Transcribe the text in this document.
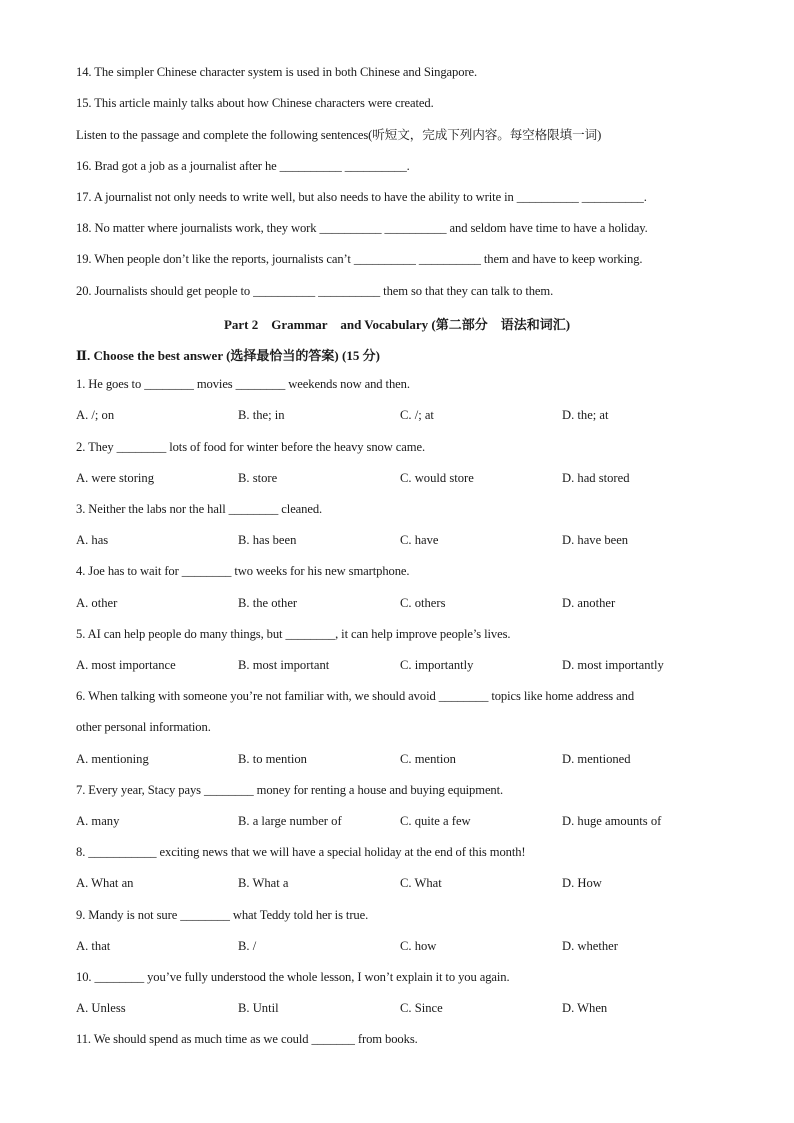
14. The simpler Chinese character system is used in both Chinese and Singapore.
15. This article mainly talks about how Chinese characters were created.
Listen to the passage and complete the following sentences(听短文，完成下列内容。每空格限填一词)
16. Brad got a job as a journalist after he __________ __________.
17. A journalist not only needs to write well, but also needs to have the ability to write in __________ __________.
18. No matter where journalists work, they work __________ __________ and seldom have time to have a holiday.
19. When people don’t like the reports, journalists can’t __________ __________ them and have to keep working.
20. Journalists should get people to __________ __________ them so that they can talk to them.
Part 2　Grammar　and Vocabulary (第二部分　语法和词汇)
Ⅱ. Choose the best answer (选择最恰当的答案) (15 分)
1. He goes to ________ movies ________ weekends now and then.
A. /; on	B. the; in	C. /; at	D. the; at
2. They ________ lots of food for winter before the heavy snow came.
A. were storing	B. store	C. would store	D. had stored
3. Neither the labs nor the hall ________ cleaned.
A. has	B. has been	C. have	D. have been
4. Joe has to wait for ________ two weeks for his new smartphone.
A. other	B. the other	C. others	D. another
5. AI can help people do many things, but ________, it can help improve people’s lives.
A. most importance	B. most important	C. importantly	D. most importantly
6. When talking with someone you’re not familiar with, we should avoid ________ topics like home address and
other personal information.
A. mentioning	B. to mention	C. mention	D. mentioned
7. Every year, Stacy pays ________ money for renting a house and buying equipment.
A. many	B. a large number of	C. quite a few	D. huge amounts of
8. ___________ exciting news that we will have a special holiday at the end of this month!
A. What an	B. What a	C. What	D. How
9. Mandy is not sure ________ what Teddy told her is true.
A. that	B. /	C. how	D. whether
10. ________ you’ve fully understood the whole lesson, I won’t explain it to you again.
A. Unless	B. Until	C. Since	D. When
11. We should spend as much time as we could _______ from books.
